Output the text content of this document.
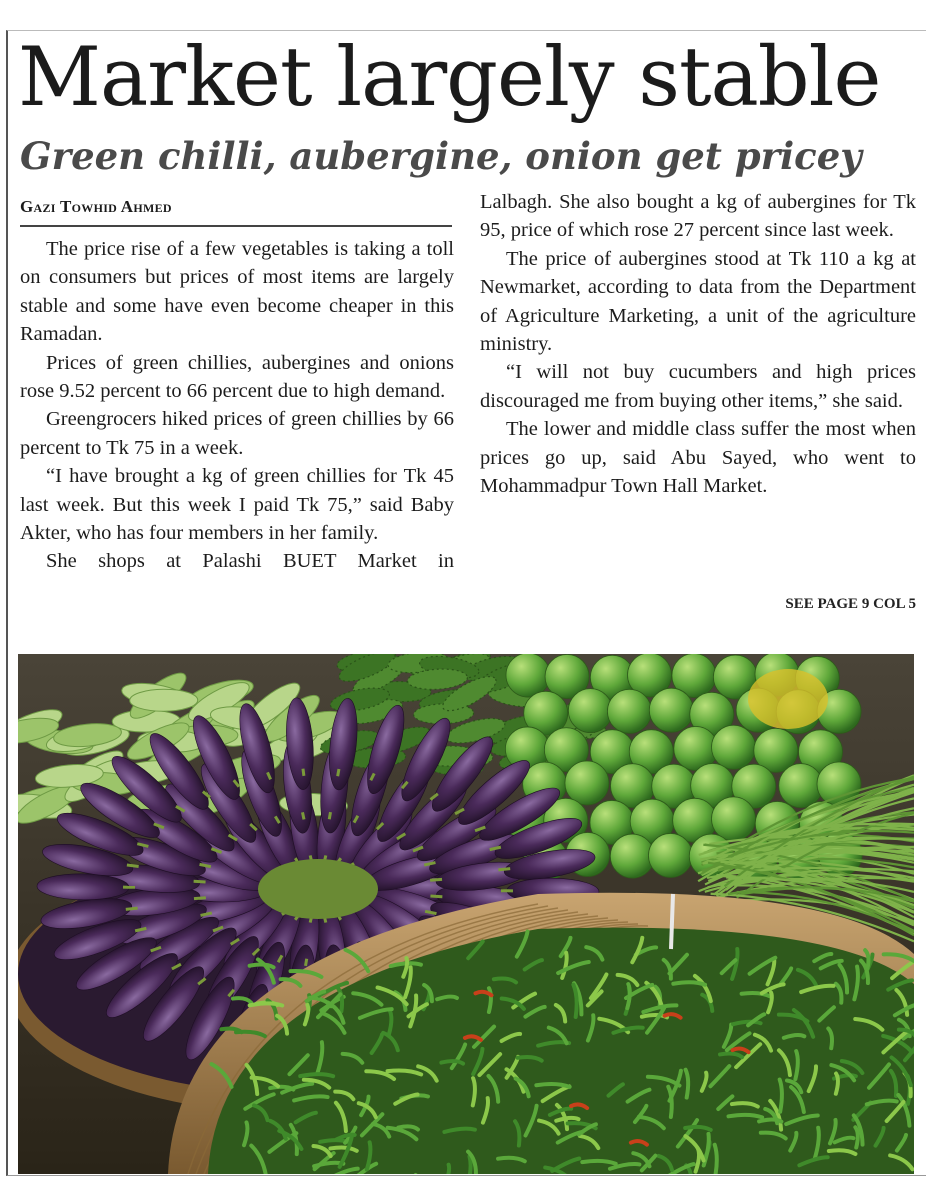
Market largely stable
Green chilli, aubergine, onion get pricey
Gazi Towhid Ahmed

The price rise of a few vegetables is taking a toll on consumers but prices of most items are largely stable and some have even become cheaper in this Ramadan.

Prices of green chillies, aubergines and onions rose 9.52 percent to 66 percent due to high demand.

Greengrocers hiked prices of green chillies by 66 percent to Tk 75 in a week.

“I have brought a kg of green chillies for Tk 45 last week. But this week I paid Tk 75,” said Baby Akter, who has four members in her family.

She shops at Palashi BUET Market in

Lalbagh. She also bought a kg of aubergines for Tk 95, price of which rose 27 percent since last week.

The price of aubergines stood at Tk 110 a kg at Newmarket, according to data from the Department of Agriculture Marketing, a unit of the agriculture ministry.

“I will not buy cucumbers and high prices discouraged me from buying other items,” she said.

The lower and middle class suffer the most when prices go up, said Abu Sayed, who went to Mohammadpur Town Hall Market.

SEE PAGE 9 COL 5
